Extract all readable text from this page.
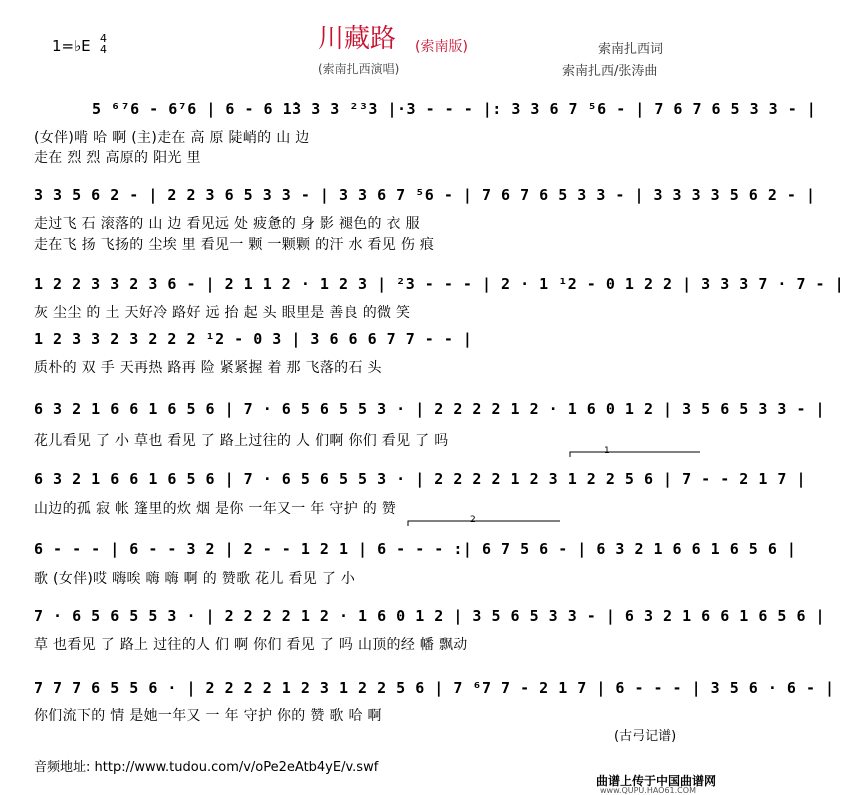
川藏路 (索南版)
1=♭E 4
4
(索南扎西演唱)
索南扎西词
索南扎西/张涛曲
5 ⁶⁷6 - 6⁷6 | 6 - 6 1̇3 3 3 ²³3 |·3 - - - |: 3 3 6 7 ⁵6 - | 7 6 7 6 5 3 3 - |
(女伴)啃 哈 啊 (主)走在 高 原 陡峭的 山 边
走在 烈 烈 高原的 阳光 里
3 3 5 6 2 - | 2 2 3 6 5 3 3 - | 3 3 6 7 ⁵6 - | 7 6 7 6 5 3 3 - | 3 3 3 3 5 6 2 - |
走过飞 石 滚落的 山 边 看见远 处 疲惫的 身 影 褪色的 衣 服
走在飞 扬 飞扬的 尘埃 里 看见一 颗 一颗颗 的汗 水 看见 伤 痕
1 2 2 3 3 2 3 6 - | 2 1 1 2 · 1 2 3 | ²3 - - - | 2 · 1 ¹2 - 0 1 2 2 | 3 3 3 7 · 7 - |
灰 尘尘 的 土 天好冷 路好 远 抬 起 头 眼里是 善良 的微 笑
1 2 3 3 2 3 2 2 2 ¹2 - 0 3 | 3 6 6 6 7 7 - - |
质朴的 双 手 天再热 路再 险 紧紧握 着 那 飞落的石 头
6 3 2 1 6 6 1 6 5 6 | 7 · 6 5 6 5 5 3 · | 2 2 2 2 1 2 · 1 6 0 1 2 | 3 5 6 5 3 3 - |
花儿看见 了 小 草也 看见 了 路上过往的 人 们啊 你们 看见 了 吗
6 3 2 1 6 6 1 6 5 6 | 7 · 6 5 6 5 5 3 · | 2 2 2 2 1 2 3 1 2 2 5 6 | 7 - - 2 1 7 |
山边的孤 寂 帐 篷里的炊 烟 是你 一年又一 年 守护 的 赞
6 - - - | 6 - - 3 2 | 2 - - 1 2 1 | 6 - - - :| 6 7 5 6 - | 6 3 2 1 6 6 1 6 5 6 |
歌 (女伴)哎 嗨唉 嗨 嗨 啊 的 赞歌 花儿 看见 了 小
7 · 6 5 6 5 5 3 · | 2 2 2 2 1 2 · 1 6 0 1 2 | 3 5 6 5 3 3 - | 6 3 2 1 6 6 1 6 5 6 |
草 也看见 了 路上 过往的人 们 啊 你们 看见 了 吗 山顶的经 幡 飘动
7 7 7 6 5 5 6 · | 2 2 2 2 1 2 3 1 2 2 5 6 | 7 ⁶7 7 - 2 1 7 | 6 - - - | 3 5 6 · 6 - |
你们流下的 情 是她一年又 一 年 守护 你的 赞 歌 哈 啊
1
2
(古弓记谱)
音频地址: http://www.tudou.com/v/oPe2eAtb4yE/v.swf
曲谱上传于中国曲谱网
www.QUPU.HAO61.COM
